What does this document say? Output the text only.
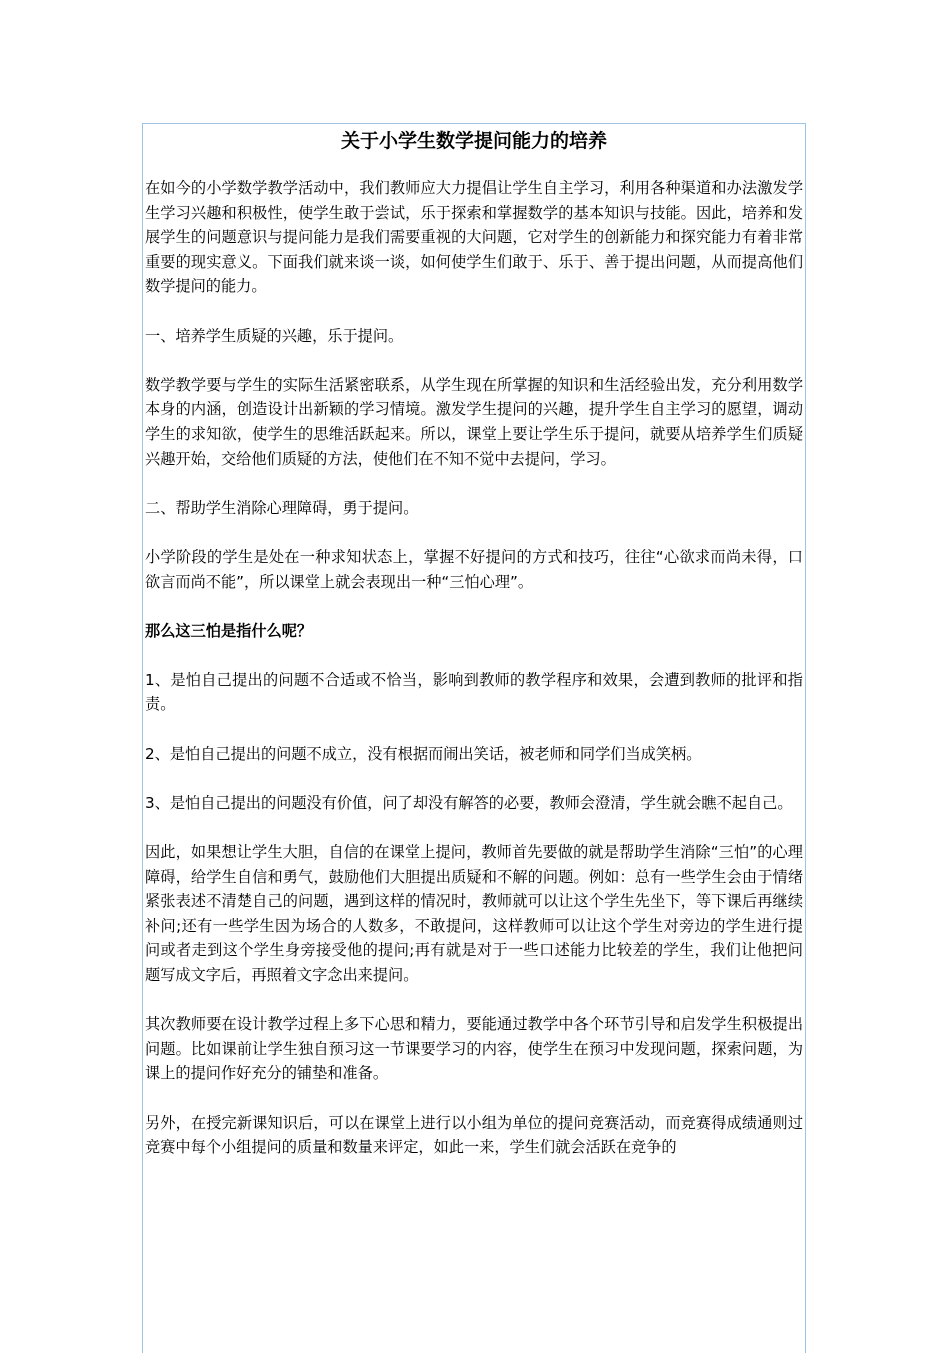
关于小学生数学提问能力的培养

在如今的小学数学教学活动中，我们教师应大力提倡让学生自主学习，利用各种渠道和办法激发学生学习兴趣和积极性，使学生敢于尝试，乐于探索和掌握数学的基本知识与技能。因此，培养和发展学生的问题意识与提问能力是我们需要重视的大问题，它对学生的创新能力和探究能力有着非常重要的现实意义。下面我们就来谈一谈，如何使学生们敢于、乐于、善于提出问题，从而提高他们数学提问的能力。

一、培养学生质疑的兴趣，乐于提问。

数学教学要与学生的实际生活紧密联系，从学生现在所掌握的知识和生活经验出发，充分利用数学本身的内涵，创造设计出新颖的学习情境。激发学生提问的兴趣，提升学生自主学习的愿望，调动学生的求知欲，使学生的思维活跃起来。所以，课堂上要让学生乐于提问，就要从培养学生们质疑兴趣开始，交给他们质疑的方法，使他们在不知不觉中去提问，学习。

二、帮助学生消除心理障碍，勇于提问。

小学阶段的学生是处在一种求知状态上，掌握不好提问的方式和技巧，往往“心欲求而尚未得，口欲言而尚不能”，所以课堂上就会表现出一种“三怕心理”。

那么这三怕是指什么呢？

1、是怕自己提出的问题不合适或不恰当，影响到教师的教学程序和效果，会遭到教师的批评和指责。

2、是怕自己提出的问题不成立，没有根据而闹出笑话，被老师和同学们当成笑柄。

3、是怕自己提出的问题没有价值，问了却没有解答的必要，教师会澄清，学生就会瞧不起自己。

因此，如果想让学生大胆，自信的在课堂上提问，教师首先要做的就是帮助学生消除“三怕”的心理障碍，给学生自信和勇气，鼓励他们大胆提出质疑和不解的问题。例如：总有一些学生会由于情绪紧张表述不清楚自己的问题，遇到这样的情况时，教师就可以让这个学生先坐下，等下课后再继续补问;还有一些学生因为场合的人数多，不敢提问，这样教师可以让这个学生对旁边的学生进行提问或者走到这个学生身旁接受他的提问;再有就是对于一些口述能力比较差的学生，我们让他把问题写成文字后，再照着文字念出来提问。

其次教师要在设计教学过程上多下心思和精力，要能通过教学中各个环节引导和启发学生积极提出问题。比如课前让学生独自预习这一节课要学习的内容，使学生在预习中发现问题，探索问题，为课上的提问作好充分的铺垫和准备。

另外，在授完新课知识后，可以在课堂上进行以小组为单位的提问竞赛活动，而竞赛得成绩通则过竞赛中每个小组提问的质量和数量来评定，如此一来，学生们就会活跃在竞争的
